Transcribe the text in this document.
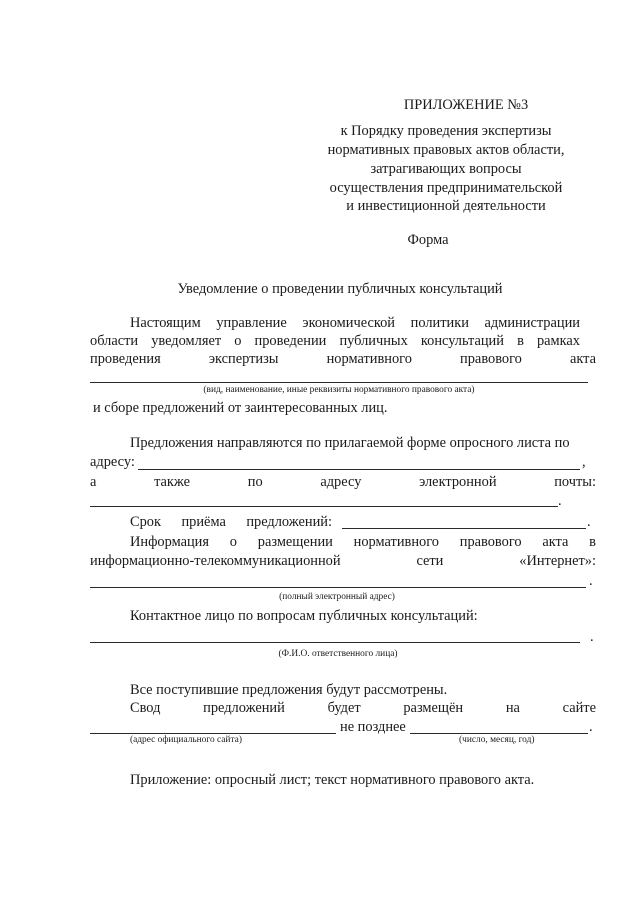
ПРИЛОЖЕНИЕ №3
к Порядку проведения экспертизы
нормативных правовых актов области,
затрагивающих вопросы
осуществления предпринимательской
и инвестиционной деятельности
Форма
Уведомление о проведении публичных консультаций
Настоящим управление экономической политики администрации
области уведомляет о проведении публичных консультаций в рамках
проведения	экспертизы	нормативного	правового	акта
(вид, наименование, иные реквизиты нормативного правового акта)
и сборе предложений от заинтересованных лиц.
Предложения направляются по прилагаемой форме опросного листа по
адресу:	,
а	также	по	адресу	электронной	почты:
.
Срок приёма предложений:	.
Информация о размещении нормативного правового акта в
информационно-телекоммуникационной	сети	«Интернет»:
.
(полный электронный адрес)
Контактное лицо по вопросам публичных консультаций:
.
(Ф.И.О. ответственного лица)
Все поступившие предложения будут рассмотрены.
Свод	предложений	будет	размещён	на	сайте
не позднее	.
(адрес официального сайта)	(число, месяц, год)
Приложение: опросный лист; текст нормативного правового акта.
